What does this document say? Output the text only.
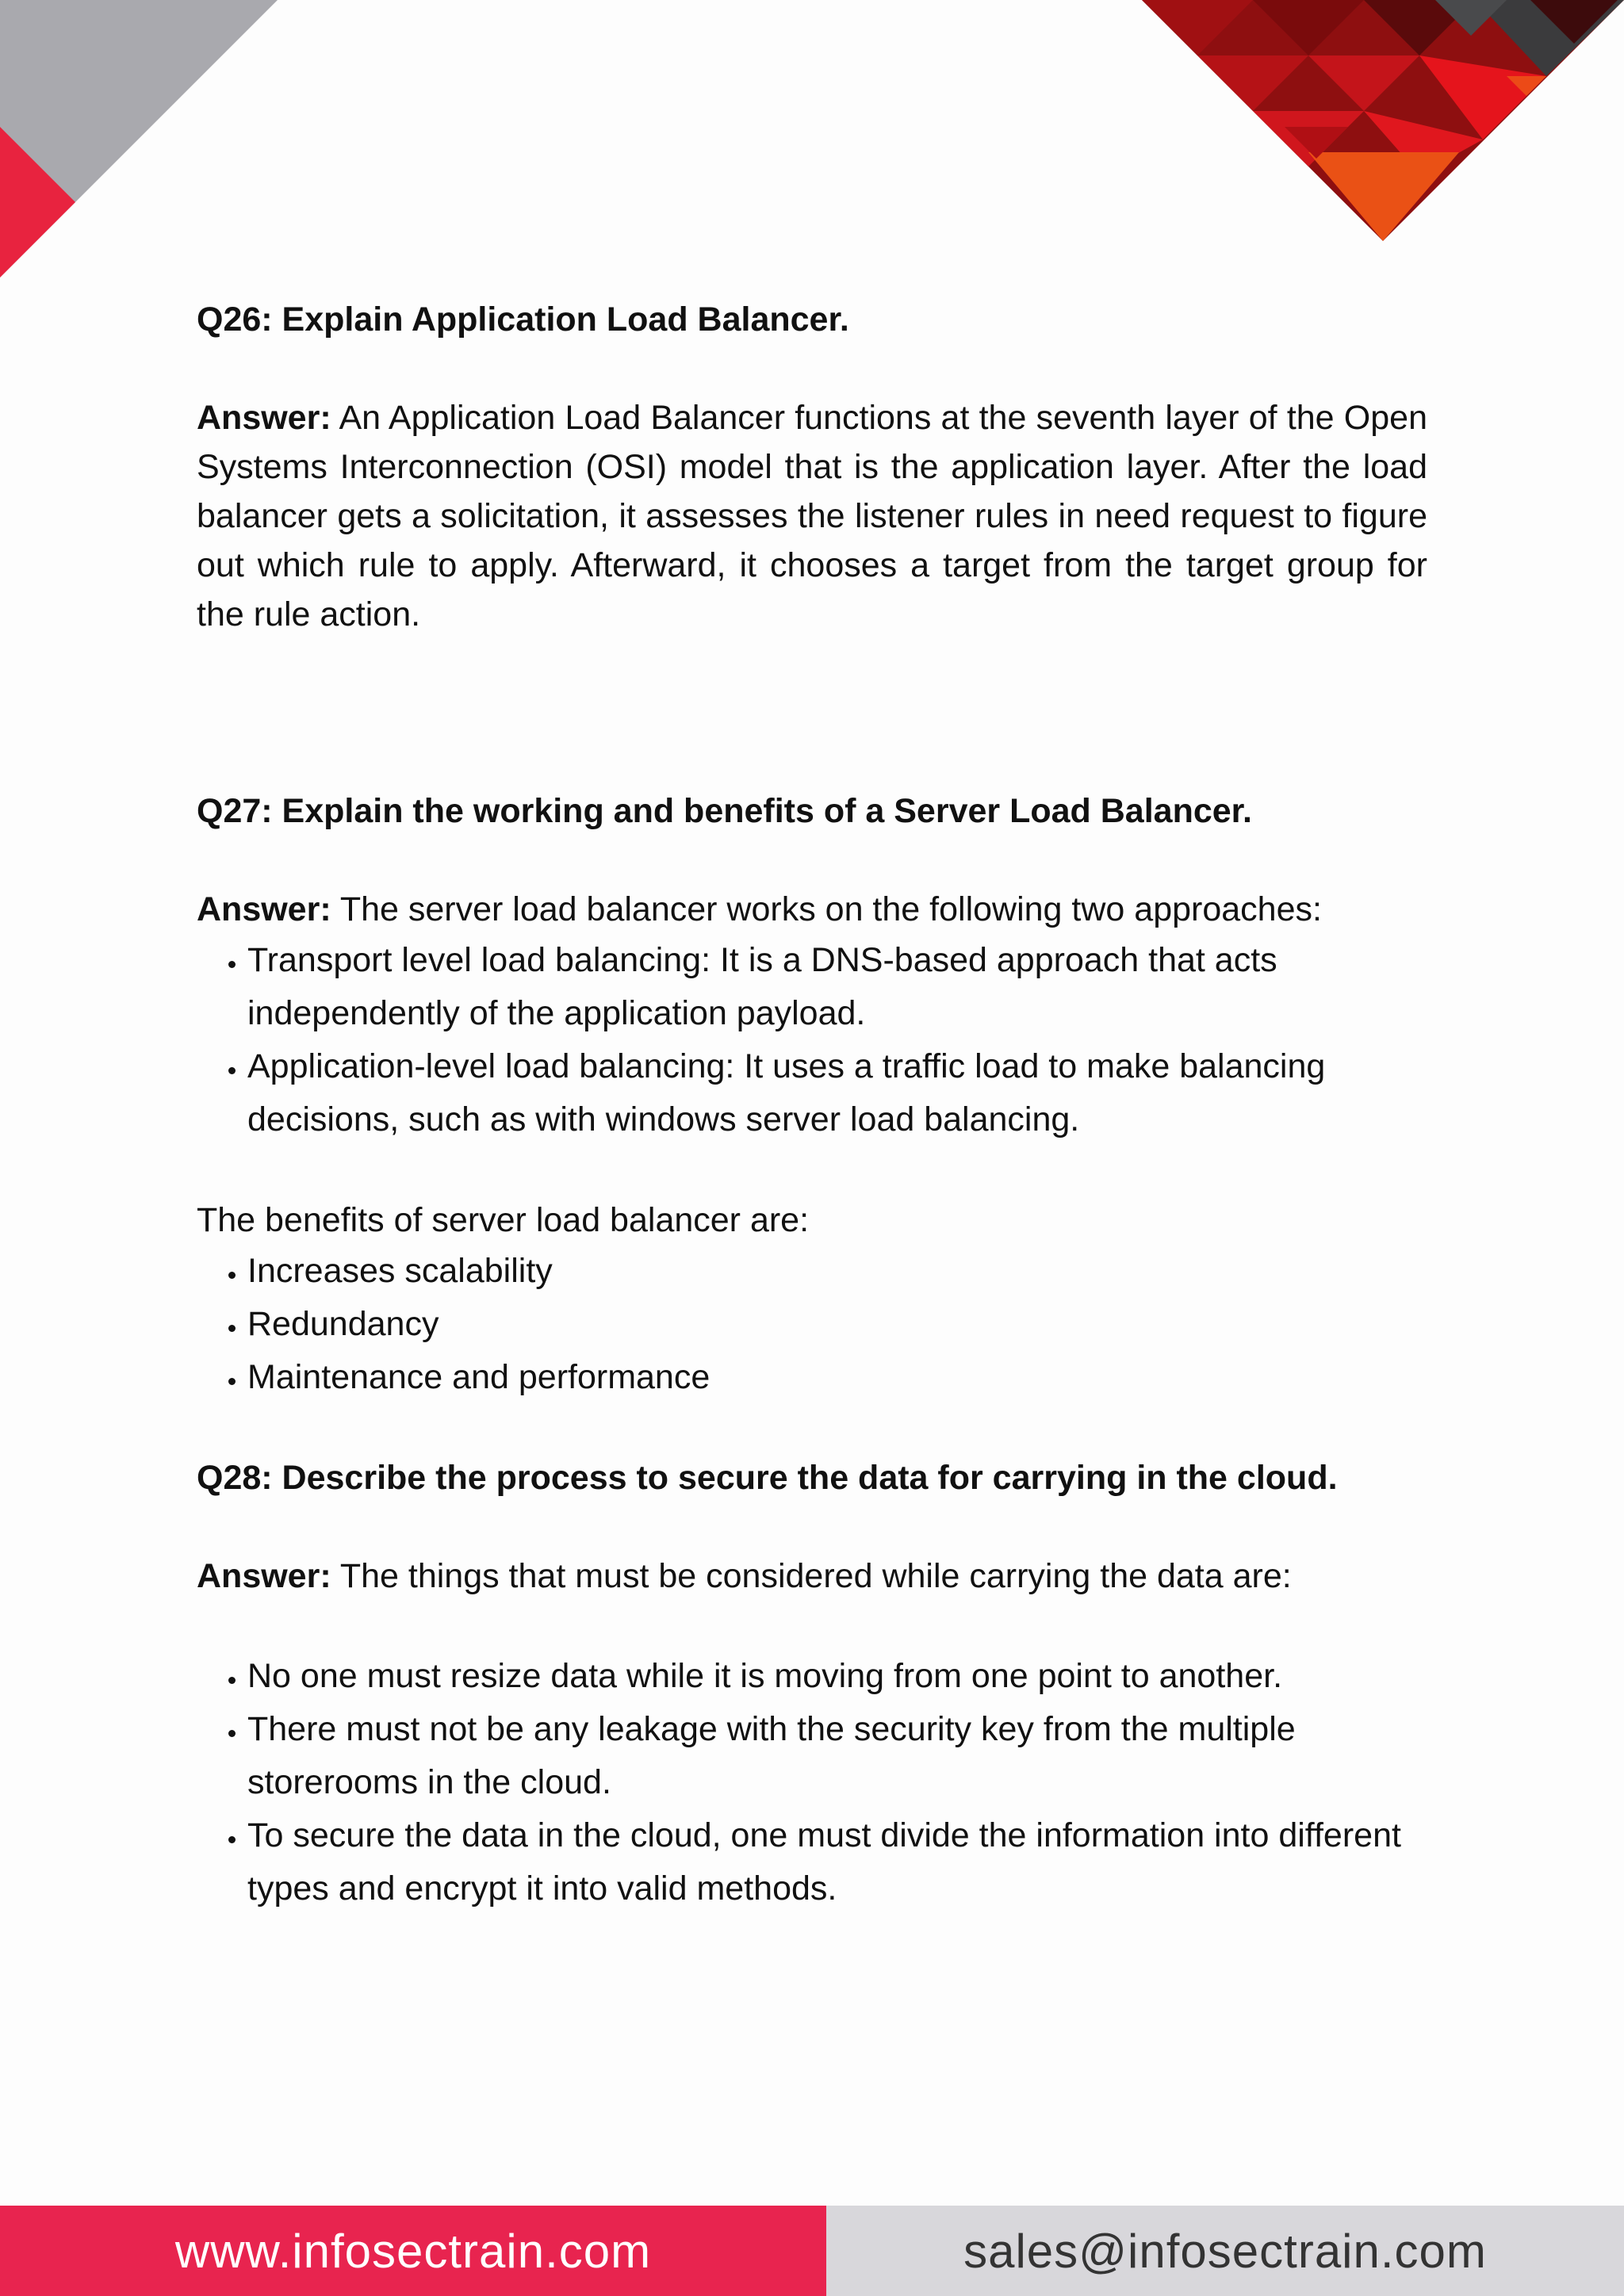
Q26: Explain Application Load Balancer.

Answer: An Application Load Balancer functions at the seventh layer of the Open Systems Interconnection (OSI) model that is the application layer. After the load balancer gets a solicitation, it assesses the listener rules in need request to figure out which rule to apply. Afterward, it chooses a target from the target group for the rule action.

Q27: Explain the working and benefits of a Server Load Balancer.

Answer: The server load balancer works on the following two approaches:

• Transport level load balancing: It is a DNS-based approach that acts independently of the application payload.
• Application-level load balancing: It uses a traffic load to make balancing decisions, such as with windows server load balancing.

The benefits of server load balancer are:

• Increases scalability
• Redundancy
• Maintenance and performance

Q28: Describe the process to secure the data for carrying in the cloud.

Answer: The things that must be considered while carrying the data are:

• No one must resize data while it is moving from one point to another.
• There must not be any leakage with the security key from the multiple storerooms in the cloud.
• To secure the data in the cloud, one must divide the information into different types and encrypt it into valid methods.
www.infosectrain.com	sales@infosectrain.com
